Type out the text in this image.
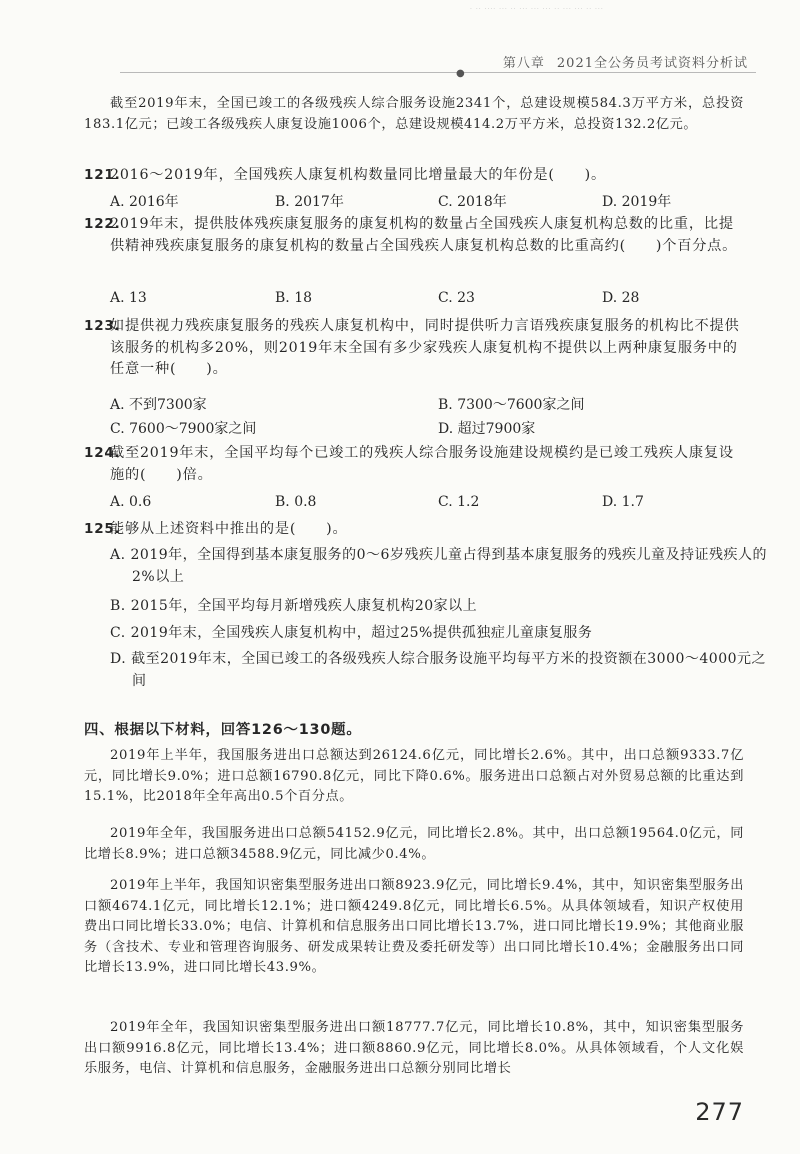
· ·· ···· ··· ·· ··· ··· ··· ·· ··· ··· ·· ···
第八章 2021全公务员考试资料分析试
●
截至2019年末，全国已竣工的各级残疾人综合服务设施2341个，总建设规模584.3万平方米，总投资183.1亿元；已竣工各级残疾人康复设施1006个，总建设规模414.2万平方米，总投资132.2亿元。
121.
2016～2019年，全国残疾人康复机构数量同比增量最大的年份是(　　)。
A. 2016年	B. 2017年	C. 2018年	D. 2019年
122.
2019年末，提供肢体残疾康复服务的康复机构的数量占全国残疾人康复机构总数的比重，比提供精神残疾康复服务的康复机构的数量占全国残疾人康复机构总数的比重高约(　　)个百分点。
A. 13	B. 18	C. 23	D. 28
123.
如提供视力残疾康复服务的残疾人康复机构中，同时提供听力言语残疾康复服务的机构比不提供该服务的机构多20%，则2019年末全国有多少家残疾人康复机构不提供以上两种康复服务中的任意一种(　　)。
A. 不到7300家	B. 7300～7600家之间
C. 7600～7900家之间	D. 超过7900家
124.
截至2019年末，全国平均每个已竣工的残疾人综合服务设施建设规模约是已竣工残疾人康复设施的(　　)倍。
A. 0.6	B. 0.8	C. 1.2	D. 1.7
125.
能够从上述资料中推出的是(　　)。
A. 2019年，全国得到基本康复服务的0～6岁残疾儿童占得到基本康复服务的残疾儿童及持证残疾人的2%以上
B. 2015年，全国平均每月新增残疾人康复机构20家以上
C. 2019年末，全国残疾人康复机构中，超过25%提供孤独症儿童康复服务
D. 截至2019年末，全国已竣工的各级残疾人综合服务设施平均每平方米的投资额在3000～4000元之间
四、根据以下材料，回答126～130题。
2019年上半年，我国服务进出口总额达到26124.6亿元，同比增长2.6%。其中，出口总额9333.7亿元，同比增长9.0%；进口总额16790.8亿元，同比下降0.6%。服务进出口总额占对外贸易总额的比重达到15.1%，比2018年全年高出0.5个百分点。
2019年全年，我国服务进出口总额54152.9亿元，同比增长2.8%。其中，出口总额19564.0亿元，同比增长8.9%；进口总额34588.9亿元，同比减少0.4%。
2019年上半年，我国知识密集型服务进出口额8923.9亿元，同比增长9.4%，其中，知识密集型服务出口额4674.1亿元，同比增长12.1%；进口额4249.8亿元，同比增长6.5%。从具体领域看，知识产权使用费出口同比增长33.0%；电信、计算机和信息服务出口同比增长13.7%，进口同比增长19.9%；其他商业服务（含技术、专业和管理咨询服务、研发成果转让费及委托研发等）出口同比增长10.4%；金融服务出口同比增长13.9%，进口同比增长43.9%。
2019年全年，我国知识密集型服务进出口额18777.7亿元，同比增长10.8%，其中，知识密集型服务出口额9916.8亿元，同比增长13.4%；进口额8860.9亿元，同比增长8.0%。从具体领域看，个人文化娱乐服务，电信、计算机和信息服务，金融服务进出口总额分别同比增长
277
